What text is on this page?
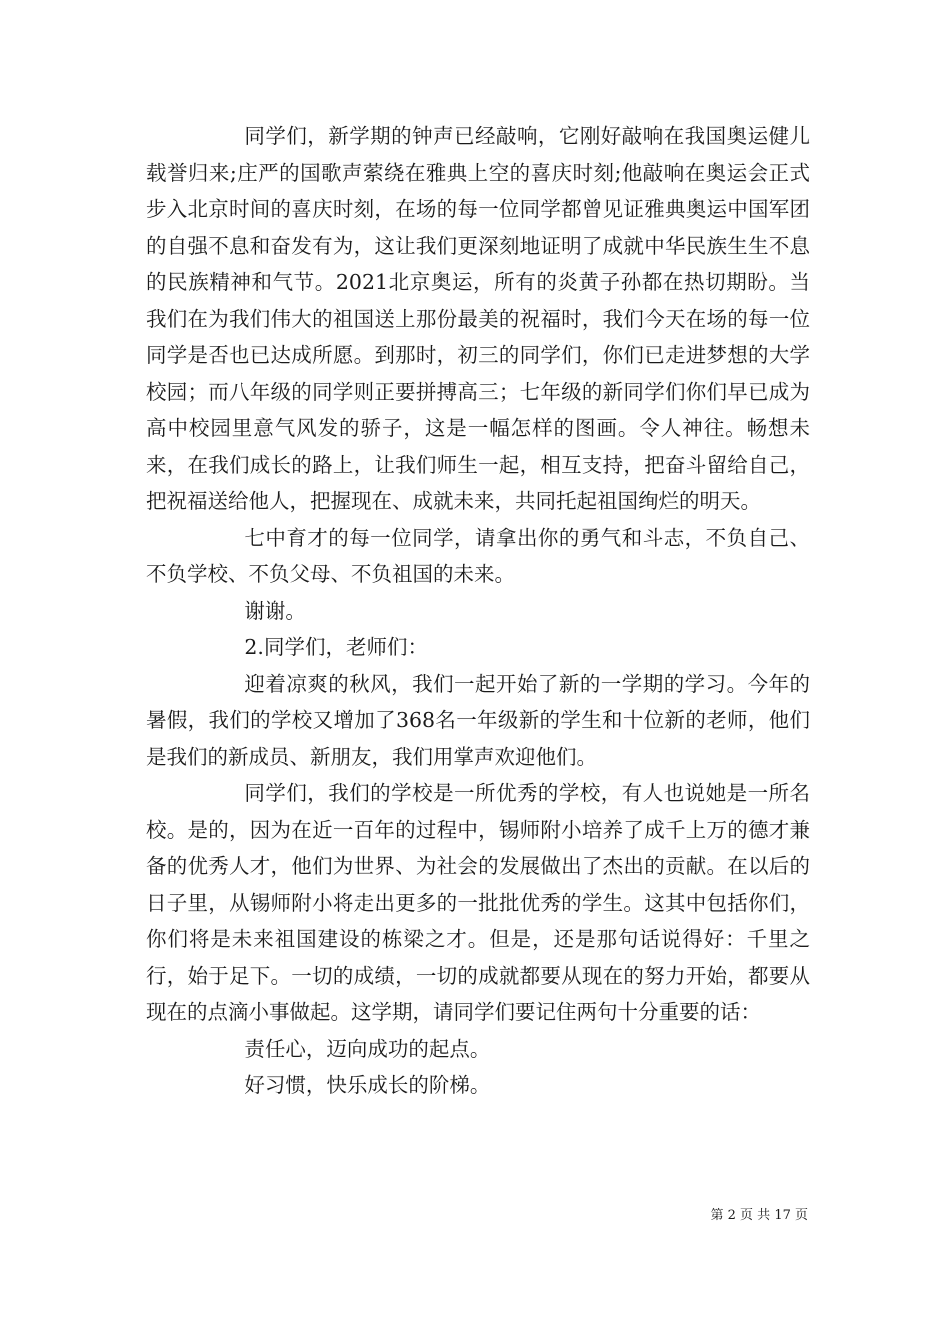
同学们，新学期的钟声已经敲响，它刚好敲响在我国奥运健儿载誉归来;庄严的国歌声萦绕在雅典上空的喜庆时刻;他敲响在奥运会正式步入北京时间的喜庆时刻，在场的每一位同学都曾见证雅典奥运中国军团的自强不息和奋发有为，这让我们更深刻地证明了成就中华民族生生不息的民族精神和气节。2021北京奥运，所有的炎黄子孙都在热切期盼。当我们在为我们伟大的祖国送上那份最美的祝福时，我们今天在场的每一位同学是否也已达成所愿。到那时，初三的同学们，你们已走进梦想的大学校园；而八年级的同学则正要拼搏高三；七年级的新同学们你们早已成为高中校园里意气风发的骄子，这是一幅怎样的图画。令人神往。畅想未来，在我们成长的路上，让我们师生一起，相互支持，把奋斗留给自己，把祝福送给他人，把握现在、成就未来，共同托起祖国绚烂的明天。

七中育才的每一位同学，请拿出你的勇气和斗志，不负自己、不负学校、不负父母、不负祖国的未来。

谢谢。

2.同学们，老师们：

迎着凉爽的秋风，我们一起开始了新的一学期的学习。今年的暑假，我们的学校又增加了368名一年级新的学生和十位新的老师，他们是我们的新成员、新朋友，我们用掌声欢迎他们。

同学们，我们的学校是一所优秀的学校，有人也说她是一所名校。是的，因为在近一百年的过程中，锡师附小培养了成千上万的德才兼备的优秀人才，他们为世界、为社会的发展做出了杰出的贡献。在以后的日子里，从锡师附小将走出更多的一批批优秀的学生。这其中包括你们，你们将是未来祖国建设的栋梁之才。但是，还是那句话说得好：千里之行，始于足下。一切的成绩，一切的成就都要从现在的努力开始，都要从现在的点滴小事做起。这学期，请同学们要记住两句十分重要的话：

责任心，迈向成功的起点。

好习惯，快乐成长的阶梯。

第 2 页 共 17 页
